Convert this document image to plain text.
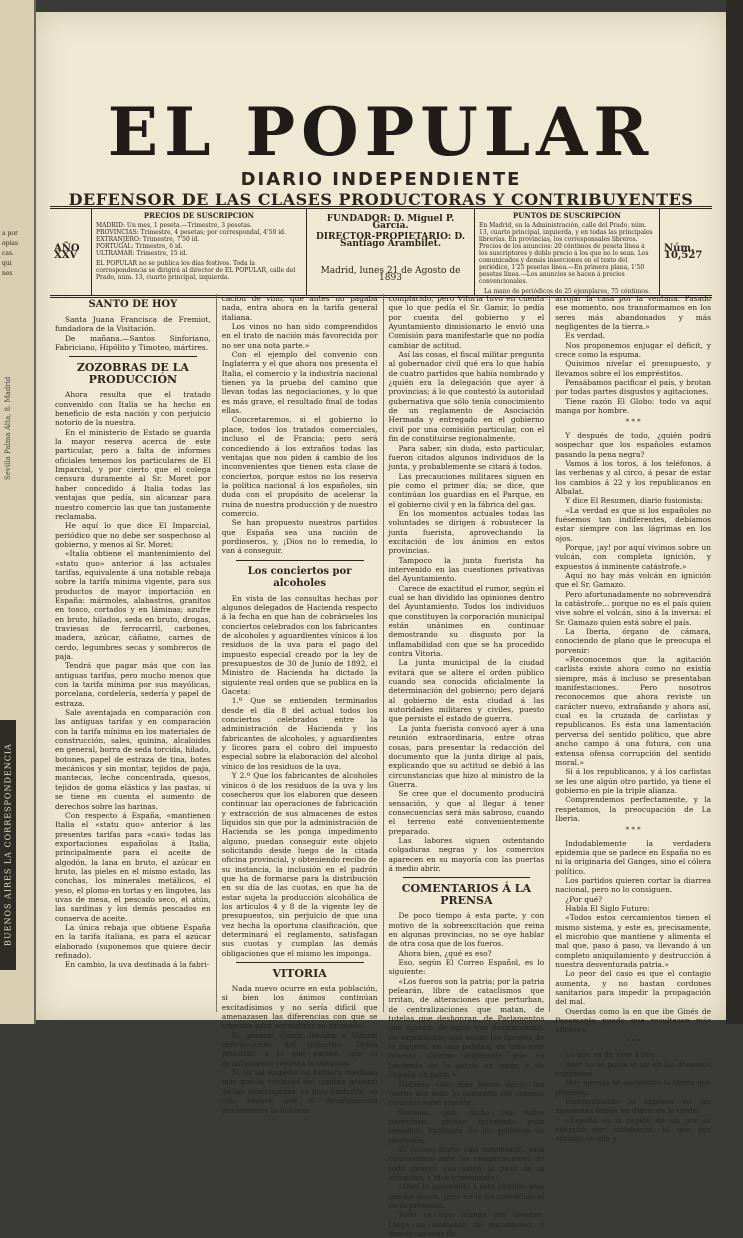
a por
opias
cas.
qui
nes
Sevilla Palma Alta, 8. Madrid
BUENOS AIRES LA CORRESPONDENCIA
EL POPULAR
DIARIO INDEPENDIENTE
DEFENSOR DE LAS CLASES PRODUCTORAS Y CONTRIBUYENTES
AÑO XXV
PRECIOS DE SUSCRIPCION
MADRID: Un mes, 1 peseta.—Trimestre, 3 pesetas.
PROVINCIAS: Trimestre, 4 pesetas; por correspondal, 4'50 id.
EXTRANJERO: Trimestre, 7'50 id.
PORTUGAL: Trimestre, 6 id.
ULTRAMAR: Trimestre, 15 id.
EL POPULAR no se publica los días festivos. Toda la correspondencia se dirigirá al director de EL POPULAR, calle del Prado, núm. 13, cuarto principal, izquierda.
FUNDADOR: D. Miguel P. García.
DIRECTOR-PROPIETARIO: D. Santiago Arambilet.
Madrid, lunes 21 de Agosto de 1893
PUNTOS DE SUSCRIPCION
En Madrid, en la Administración, calle del Prado, núm. 13, cuarto principal, izquierda, y en todas las principales librerías. En provincias, los corresponsales libreros. Precios de los anuncios: 20 céntimos de peseta línea á los suscriptores y doble precio á los que no lo sean. Los comunicados y demás inserciones en el texto del periódico, 1'25 pesetas línea.—En primera plana, 1'50 pesetas línea.—Los anuncios se hacen á precios convencionales.
La mano de periódicos de 25 ejemplares, 75 céntimos.
Núm. 10,527
SANTO DE HOY

Santa Juana Francisca de Fremiot, fundadora de la Visitación.

De mañana.—Santos Sinforiano, Fabriciano, Hipólito y Timoteo, mártires.

ZOZOBRAS DE LA PRODUCCIÓN

Ahora resulta que el tratado convenido con Italia se ha hecho en beneficio de esta nación y con perjuicio notorio de la nuestra.

En el ministerio de Estado se guarda la mayor reserva acerca de este particular, pero a falta de informes oficiales tenemos los particulares de El Imparcial, y por cierto que el colega censura duramente al Sr. Moret por haber concedido á Italia todas las ventajas que pedía, sin alcanzar para nuestro comercio las que tan justamente reclamaba.

He aquí lo que dice El Imparcial, periódico que no debe ser sospechoso al gobierno, y menos al Sr. Moret:

«Italia obtiene el mantenimiento del «statu quo» anterior á las actuales tarifas, equivalente á una notable rebaja sobre la tarifa mínima vigente, para sus productos de mayor importación en España: mármoles, alabastros, granitos en tosco, cortados y en láminas; azufre en bruto, hilados, seda en bruto, drogas, traviesas de ferrocarril, carbones, madera, azúcar, cáñamo, carnes de cerdo, legumbres secas y sombreros de paja.

Tendrá que pagar más que con las antiguas tarifas, pero mucho menos que con la tarifa mínima por sus mayólicas, porcelana, cordelería, sedería y papel de estraza.

Sale aventajada en comparación con las antiguas tarifas y en comparación con la tarifa mínima en los materiales de construcción, sales, quinina, alcaloides en general, borra de seda torcida, hilado, botones, papel de estraza de tina, botes mecánicos y sin montar, tejidos de paja, mantecas, leche concentrada, quesos, tejidos de goma elástica y las pastas, si se tiene en cuenta el aumento de derechos sobre las harinas.

Con respecto á España, «mantienen Italia el «statu quo» anterior á las presentes tarifas para «casi» todas las exportaciones españolas á Italia, principalmente para el aceite de algodón, la lana en bruto, el azúcar en bruto, las pieles en el mismo estado, las conchas, los minerales metálicos, el yeso, el plomo en tortas y en lingotes, las uvas de mesa, el pescado seco, el atún, las sardinas y los demás pescados en conserva de aceite.

La única rebaja que obtiene España en la tarifa italiana, es para el azúcar elaborado (suponemos que quiere decir refinado).

En cambio, la uva destinada á la fabri-

cación de vino, que antes no pagaba nada, entra ahora en la tarifa general italiana.

Los vinos no han sido comprendidos en el trato de nación más favorecida por no ser una nota parte.»

Con el ejemplo del convenio con Inglaterra y el que ahora nos presenta el Italia, el comercio y la industria nacional tienen ya la prueba del camino que llevan todas las negociaciones, y lo que es más grave, el resultado final de todas ellas.

Concretaremos, si el gobierno lo place, todos los tratados comerciales, incluso el de Francia; pero será concediendo á los extraños todas las ventajas que nos piden á cambio de los inconvenientes que tienen esta clase de conciertos, porque estos no los reserva la política nacional á los españoles, sin duda con el propósito de acelerar la ruina de nuestra producción y de nuestro comercio.

Se han propuesto nuestros partidos que España sea una nación de pordioseros, y, ¡Dios no lo remedia, lo van á conseguir.

Los conciertos por alcoholes

En vista de las consultas hechas por algunos delegados de Hacienda respecto á la fecha en que han de cobrárseles los conciertos celebrados con los fabricantes de alcoholes y aguardientes vínicos á los residuos de la uva para el pago del impuesto especial creado por la ley de presupuestos de 30 de Junio de 1892, el Ministro de Hacienda ha dictado la siguiente real orden que se publica en la Gaceta:

1.º Que se entienden terminados desde el día 8 del actual todos los conciertos celebrados entre la administración de Hacienda y los fabricantes de alcoholes, y aguardientes y licores para el cobro del impuesto especial sobre la elaboración del alcohol vínico de los residuos de la uva.

Y 2.º Que los fabricantes de alcoholes vínicos ó de los residuos de la uva y los cosecheros que los elaboren que deseen continuar las operaciones de fabricación y extracción de sus almacenes de estos líquidos sin que por la administración de Hacienda se les ponga impedimento alguno, puedan conseguir este objeto solicitando desde luego de la citada oficina provincial, y obteniendo recibo de su instancia, la inclusión en el padrón que ha de formarse para la distribución en su día de las cuotas, en que ha de estar sujeta la producción alcohólica de los artículos 4 y 8 de la vigente ley de presupuestos, sin perjuicio de que una vez hecha la oportuna clasificación, que determinará el reglamento, satisfagan sus cuotas y cumplan las demás obligaciones que el mismo les imponga.

VITORIA

Nada nuevo ocurre en esta población, si bien los ánimos continúan excitadísimos y no sería difícil que amenazasen las diferencias con que se tropieza para normalizar su situación.

El general Gamir llevaba á Vitoria instrucciones del gobierno. Debía procurar, á lo que parece, que el Ayuntamiento retirara la dimisión.

Si en tal empeño no hubiera mediado más que la voluntad del capitán general de las Vascongadas, es muy probable, es casi seguro que el Ayuntamiento dimisionario lo hubiese

complacido, pero Vitoria tuvo en cuenta que lo que pedía el Sr. Gamir, lo pedía por cuenta del gobierno y el Ayuntamiento dimisionario le envió una Comisión para manifestarle que no podía cambiar de actitud.

Así las cosas, el fiscal militar pregunta al gobernador civil qué era lo que había de cuatro partidos que había nombrado y ¿quién era la delegación que ayer á provincias; á lo que contestó la autoridad gubernativa que sólo tenía conocimiento de un reglamento de Asociación Hermada y entregado en el gobierno civil por una comisión particular, con el fin de constituirse regionalmente.

Para saber, sin duda, esto particular, fueron citados algunos individuos de la junta, y probablemente se citará á todos.

Las precauciones militares siguen en pie como el primer día; se dice, que continúan los guardias en el Parque, en el gobierno civil y en la fábrica del gas.

En los momentos actuales todas las voluntades se dirigen á robustecer la junta fuerista, aprovechando la excitación de los ánimos en estos provincias.

Tampoco la junta fuerista ha intervenido en las cuestiones privativas del Ayuntamiento.

Carece de exactitud el rumor, según el cual se han dividido las opiniones dentro del Ayuntamiento. Todos los individuos que constituyen la corporación municipal están unánimes en continuar demostrando su disgusto por la inflamabilidad con que se ha procedido contra Vitoria.

La junta municipal de la ciudad evitará que se altere el orden público cuando sea conocida oficialmente la determinación del gobierno; pero dejará al gobierno de esta ciudad á las autoridades militares y civiles, puesto que persiste el estado de guerra.

La junta fuerista convocó ayer á una reunión extraordinaria, entre otras cosas, para presentar la redacción del documento que la junta dirige al país, explicando que su actitud se debió á las circunstancias que hizo al ministro de la Guerra.

Se cree que el documento producirá sensación, y que al llegar á tener consecuencias será más sabroso, cuando el terreno esté convenientemente preparado.

Las labores siguen ostentando colgaduras negras y los comercios aparecen en su mayoría con las puertas á medio abrir.

COMENTARIOS Á LA PRENSA

De poco tiempo á esta parte, y con motivo de la sobreexcitación que reina en algunas provincias, no se oye hablar de otra cosa que de los fueros.

Ahora bien, ¿qué es eso?

Eso, según El Correo Español, es lo siguiente:

«Los fueros son la patria; por la patria pelearán, libre de cataclismos que irritan, de alteraciones que perturban, de centralizaciones que matan, de tutelas que deshonran, de Parlamentos que agotan, de agios que desmoralizan, de expedientes que secan las fuentes de la riqueza, en una palabra, de todo este funesto sistema imperante que va haciendo de la patria un girón y de España un paria.»

Hubiera sido más breve decir: los fueros son todo lo contrario del sistema constitucional vigente.

Sistema, que, dicho sea entre paréntesis, parece inventado para beneficio exclusivo de los políticos de profesión.

El Globo, diario casi ministerial, está consternado ante las complicaciones de todo género que salen al paso de la situación, y dice tristemente:

«Dios lo concedido á este bendito país mucho dones, pero no le ha concedido el de la previsión.

Todo va aquí manga por hombre. Llega un momento de entusiasmo, y somos capaces de

arrojar la casa por la ventana. Pasado ese momento, nos transformamos en los seres más abandonados y más negligentes de la tierra.»

Es verdad.

Nos proponemos enjugar el déficit, y crece como la espuma.

Quisimos nivelar el presupuesto, y llevamos sobre el los empréstitos.

Pensábamos pacificar el país, y brotan por todas partes disgustos y agitaciones.

Tiene razón El Globo: todo va aquí manga por hombre.

* * *

Y después de todo, ¿quién podrá sospechar que los españoles estamos pasando la pena negra?

Vamos á los toros, á los teléfonos, á las verbenas y al circo, á pesar de estar los cambios á 22 y los republicanos en Albalat.

Y dice El Resumen, diario fusionista:

«La verdad es que si los españoles no fuésemos tan indiferentes, debíamos estar siempre con las lágrimas en los ojos.

Porque, ¡ay! por aquí vivimos sobre un volcán, con completa ignición, y expuestos á inminente catástrofe.»

Aquí no hay más volcán en ignición que el Sr. Gamazo.

Pero afortunadamente no sobrevendrá la catástrofe... porque no es el país quien vive sobre el volcán, sino á la inversa: el Sr. Gamazo quien está sobre el país.

La Iberia, órgano de cámara, conociendo de plano que le preocupa el porvenir:

«Reconocemos que la agitación carlista existe ahora como no existía siempre, más á incluso se presentaban manifestaciones. Pero nosotros reconocemos que ahora reviste un carácter nuevo, extrañando y ahora así, cual es la cruzada de carlistas y republicanos. Es ésta una lamentación perversa del sentido político, que abre ancho campo á una futura, con una extensa ofensa corrupción del sentido moral.»

Si á los republicanos, y á los carlistas se les une algún otro partido, ya tiene el gobierno en pie la triple alianza.

Comprendemos perfectamente, y la respetamos, la preocupación de La Iberia.

* * *

Indudablemente la verdadera epidemia que se padece en España no es ni la originaria del Ganges, sino el cólera político.

Los partidos quieren cortar la diarrea nacional, pero no lo consiguen.

¿Por qué?

Habla El Siglo Futuro:

«Todos estos cercamientos tienen el mismo sistema, y este es, precisamente, el microbio que mantiene y alimenta el mal que, paso á paso, va llevando á un completo aniquilamiento y destrucción á nuestra desventurada patria.»

Lo peor del caso es que el contagio aumenta, y no bastan cordones sanitarios para impedir la propagación del mal.

Oserdas como la en que ibe Ginés de Pasamonte puede que resultasen más eficaces.

* * *

Lo que va de ayer á hoy.

Ayer no se ponía el sol en los dominios españoles.

Hoy apenas se encuentra la tierra que pisamos.

Efectivamente lo expresa en las siguientes líneas un diario de la tarde:

«España es la región de sol por su encanto por excelencia, la que por afirmar en ella y
